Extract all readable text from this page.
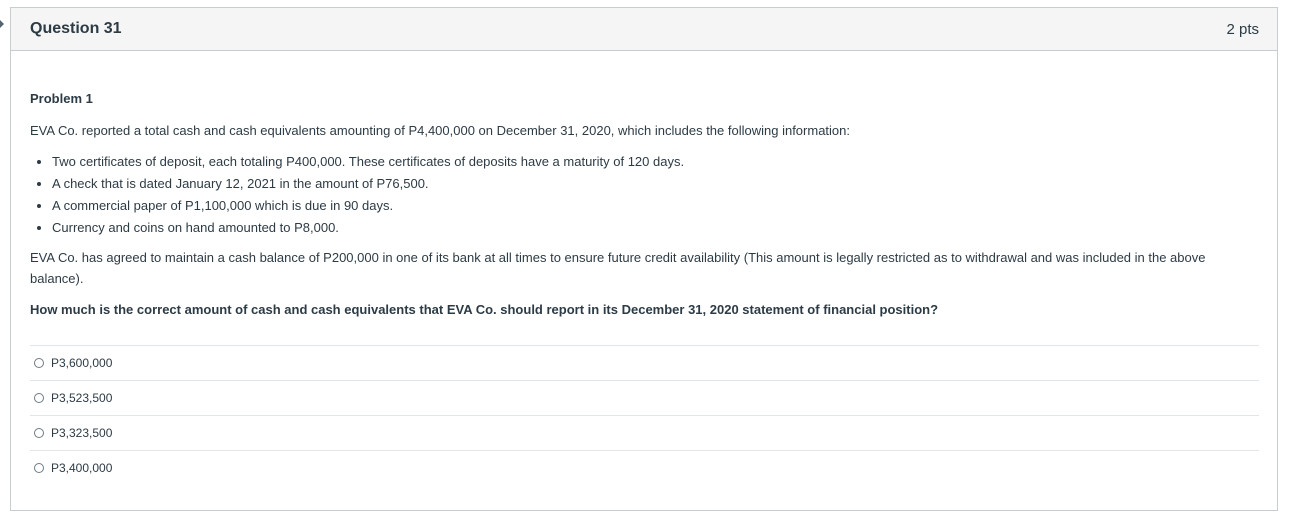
Question 31	2 pts
Problem 1
EVA Co. reported a total cash and cash equivalents amounting of P4,400,000 on December 31, 2020, which includes the following information:
• Two certificates of deposit, each totaling P400,000. These certificates of deposits have a maturity of 120 days.
• A check that is dated January 12, 2021 in the amount of P76,500.
• A commercial paper of P1,100,000 which is due in 90 days.
• Currency and coins on hand amounted to P8,000.
EVA Co. has agreed to maintain a cash balance of P200,000 in one of its bank at all times to ensure future credit availability (This amount is legally restricted as to withdrawal and was included in the above balance).
How much is the correct amount of cash and cash equivalents that EVA Co. should report in its December 31, 2020 statement of financial position?
P3,600,000
P3,523,500
P3,323,500
P3,400,000
